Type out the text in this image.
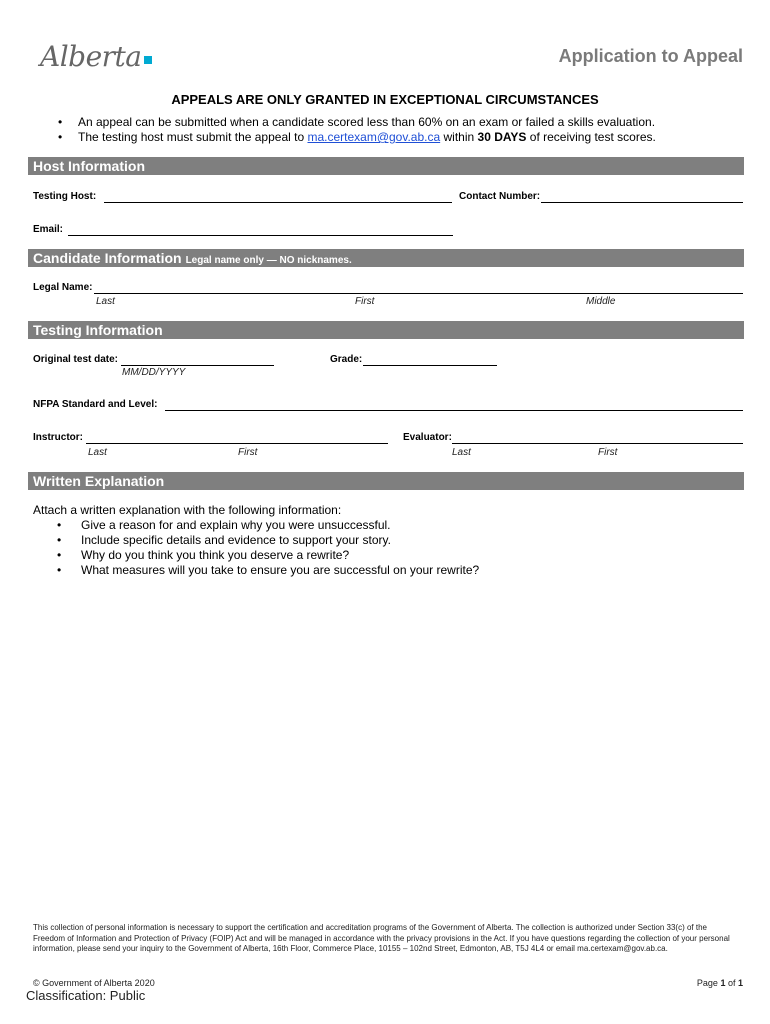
Alberta	Application to Appeal
APPEALS ARE ONLY GRANTED IN EXCEPTIONAL CIRCUMSTANCES
• An appeal can be submitted when a candidate scored less than 60% on an exam or failed a skills evaluation.
• The testing host must submit the appeal to ma.certexam@gov.ab.ca within 30 DAYS of receiving test scores.
Host Information
Testing Host:	Contact Number:
Email:
Candidate Information Legal name only — NO nicknames.
Legal Name:
Last	First	Middle
Testing Information
Original test date:
MM/DD/YYYY
Grade:
NFPA Standard and Level:
Instructor:
Last	First
Evaluator:
Last	First
Written Explanation
Attach a written explanation with the following information:
• Give a reason for and explain why you were unsuccessful.
• Include specific details and evidence to support your story.
• Why do you think you think you deserve a rewrite?
• What measures will you take to ensure you are successful on your rewrite?
This collection of personal information is necessary to support the certification and accreditation programs of the Government of Alberta. The collection is authorized under Section 33(c) of the Freedom of Information and Protection of Privacy (FOIP) Act and will be managed in accordance with the privacy provisions in the Act. If you have questions regarding the collection of your personal information, please send your inquiry to the Government of Alberta, 16th Floor, Commerce Place, 10155 – 102nd Street, Edmonton, AB, T5J 4L4 or email ma.certexam@gov.ab.ca.
© Government of Alberta 2020	Page 1 of 1
Classification: Public
